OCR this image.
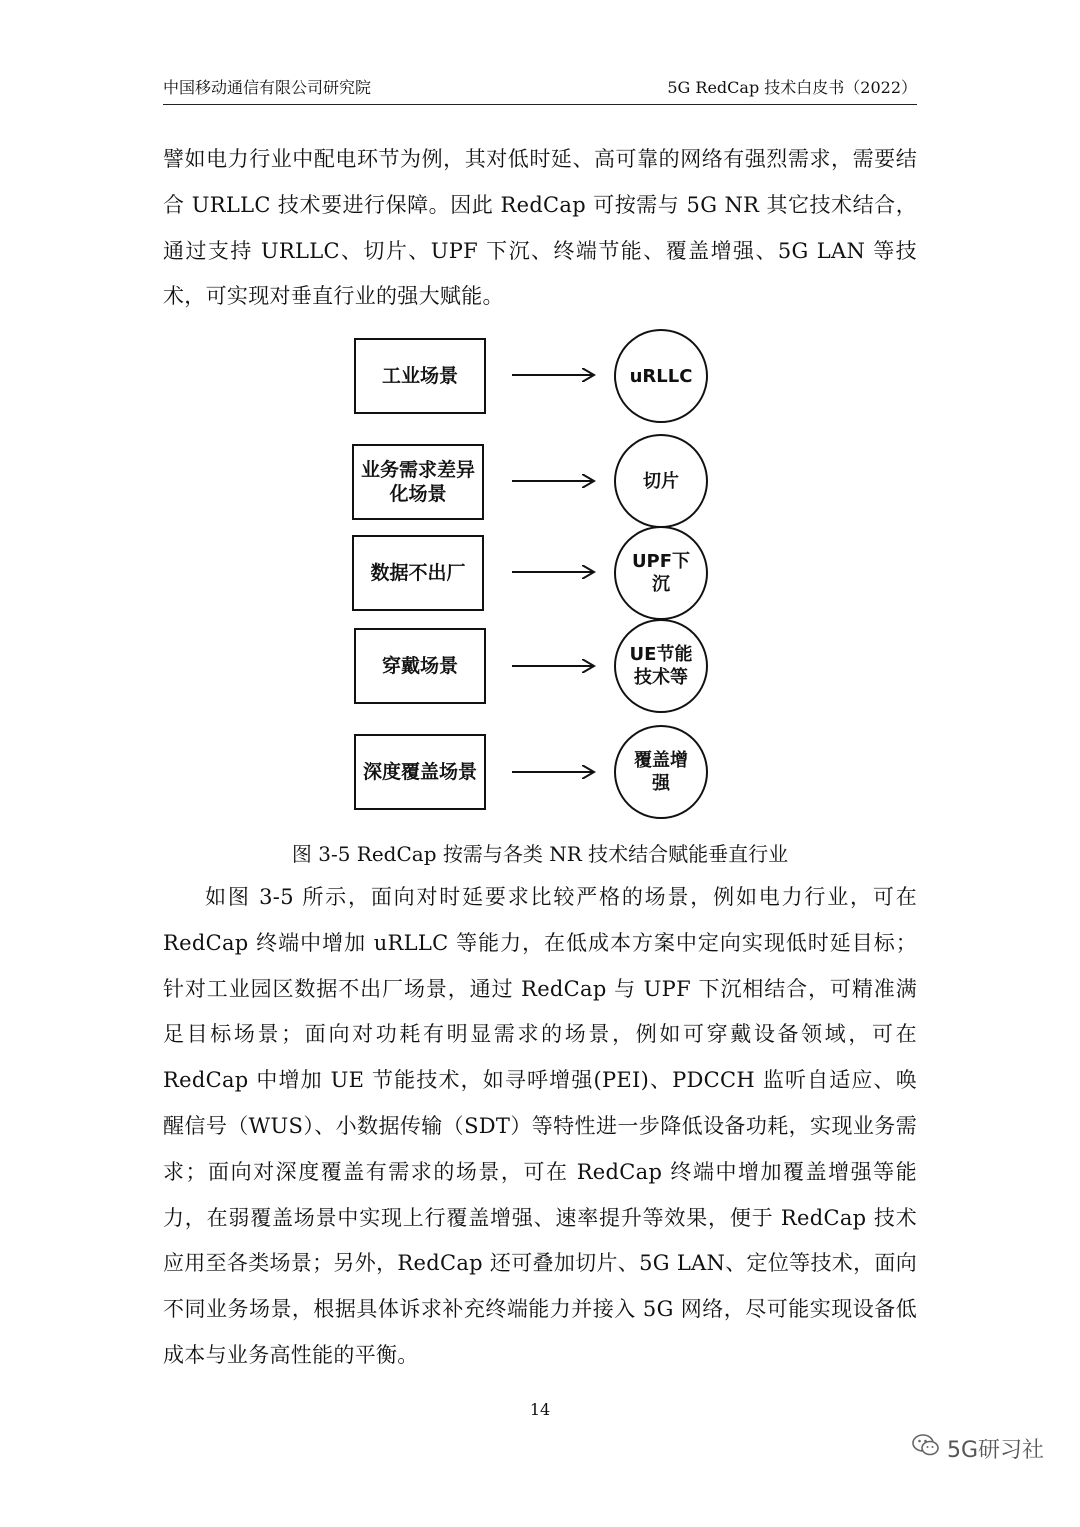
中国移动通信有限公司研究院	5G RedCap 技术白皮书（2022）
譬如电力行业中配电环节为例，其对低时延、高可靠的网络有强烈需求，需要结合 URLLC 技术要进行保障。因此 RedCap 可按需与 5G NR 其它技术结合，通过支持 URLLC、切片、UPF 下沉、终端节能、覆盖增强、5G LAN 等技术，可实现对垂直行业的强大赋能。
工业场景
业务需求差异化场景
数据不出厂
穿戴场景
深度覆盖场景
uRLLC
切片
UPF下沉
UE节能技术等
覆盖增强
图 3-5 RedCap 按需与各类 NR 技术结合赋能垂直行业
如图 3-5 所示，面向对时延要求比较严格的场景，例如电力行业，可在 RedCap 终端中增加 uRLLC 等能力，在低成本方案中定向实现低时延目标；针对工业园区数据不出厂场景，通过 RedCap 与 UPF 下沉相结合，可精准满足目标场景；面向对功耗有明显需求的场景，例如可穿戴设备领域，可在 RedCap 中增加 UE 节能技术，如寻呼增强(PEI)、PDCCH 监听自适应、唤醒信号（WUS）、小数据传输（SDT）等特性进一步降低设备功耗，实现业务需求；面向对深度覆盖有需求的场景，可在 RedCap 终端中增加覆盖增强等能力，在弱覆盖场景中实现上行覆盖增强、速率提升等效果，便于 RedCap 技术应用至各类场景；另外，RedCap 还可叠加切片、5G LAN、定位等技术，面向不同业务场景，根据具体诉求补充终端能力并接入 5G 网络，尽可能实现设备低成本与业务高性能的平衡。
14
5G研习社
